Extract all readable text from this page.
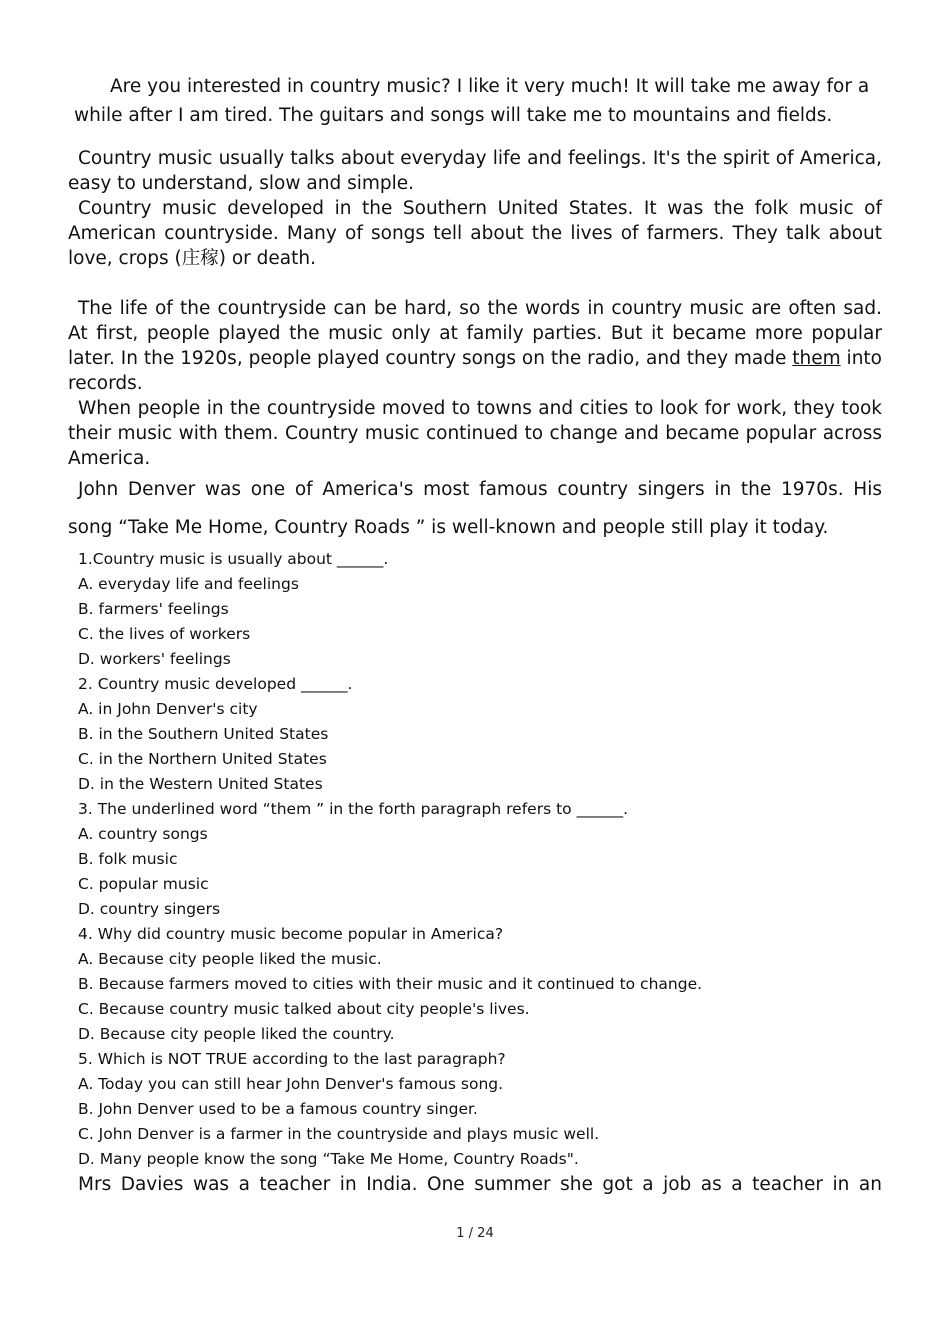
Are you interested in country music? I like it very much! It will take me away for a while after I am tired. The guitars and songs will take me to mountains and fields.

Country music usually talks about everyday life and feelings. It's the spirit of America, easy to understand, slow and simple.

Country music developed in the Southern United States. It was the folk music of American countryside. Many of songs tell about the lives of farmers. They talk about love, crops (庄稼) or death.

The life of the countryside can be hard, so the words in country music are often sad. At first, people played the music only at family parties. But it became more popular later. In the 1920s, people played country songs on the radio, and they made them into records.

When people in the countryside moved to towns and cities to look for work, they took their music with them. Country music continued to change and became popular across America.

John Denver was one of America's most famous country singers in the 1970s. His song “Take Me Home, Country Roads ” is well-known and people still play it today.

1.Country music is usually about ______.

A. everyday life and feelings

B. farmers' feelings

C. the lives of workers

D. workers' feelings

2. Country music developed ______.

A. in John Denver's city

B. in the Southern United States

C. in the Northern United States

D. in the Western United States

3. The underlined word “them ” in the forth paragraph refers to ______.

A. country songs

B. folk music

C. popular music

D. country singers

4. Why did country music become popular in America?

A. Because city people liked the music.

B. Because farmers moved to cities with their music and it continued to change.

C. Because country music talked about city people's lives.

D. Because city people liked the country.

5. Which is NOT TRUE according to the last paragraph?

A. Today you can still hear John Denver's famous song.

B. John Denver used to be a famous country singer.

C. John Denver is a farmer in the countryside and plays music well.

D. Many people know the song “Take Me Home, Country Roads".

Mrs Davies was a teacher in India. One summer she got a job as a teacher in an

1 / 24
